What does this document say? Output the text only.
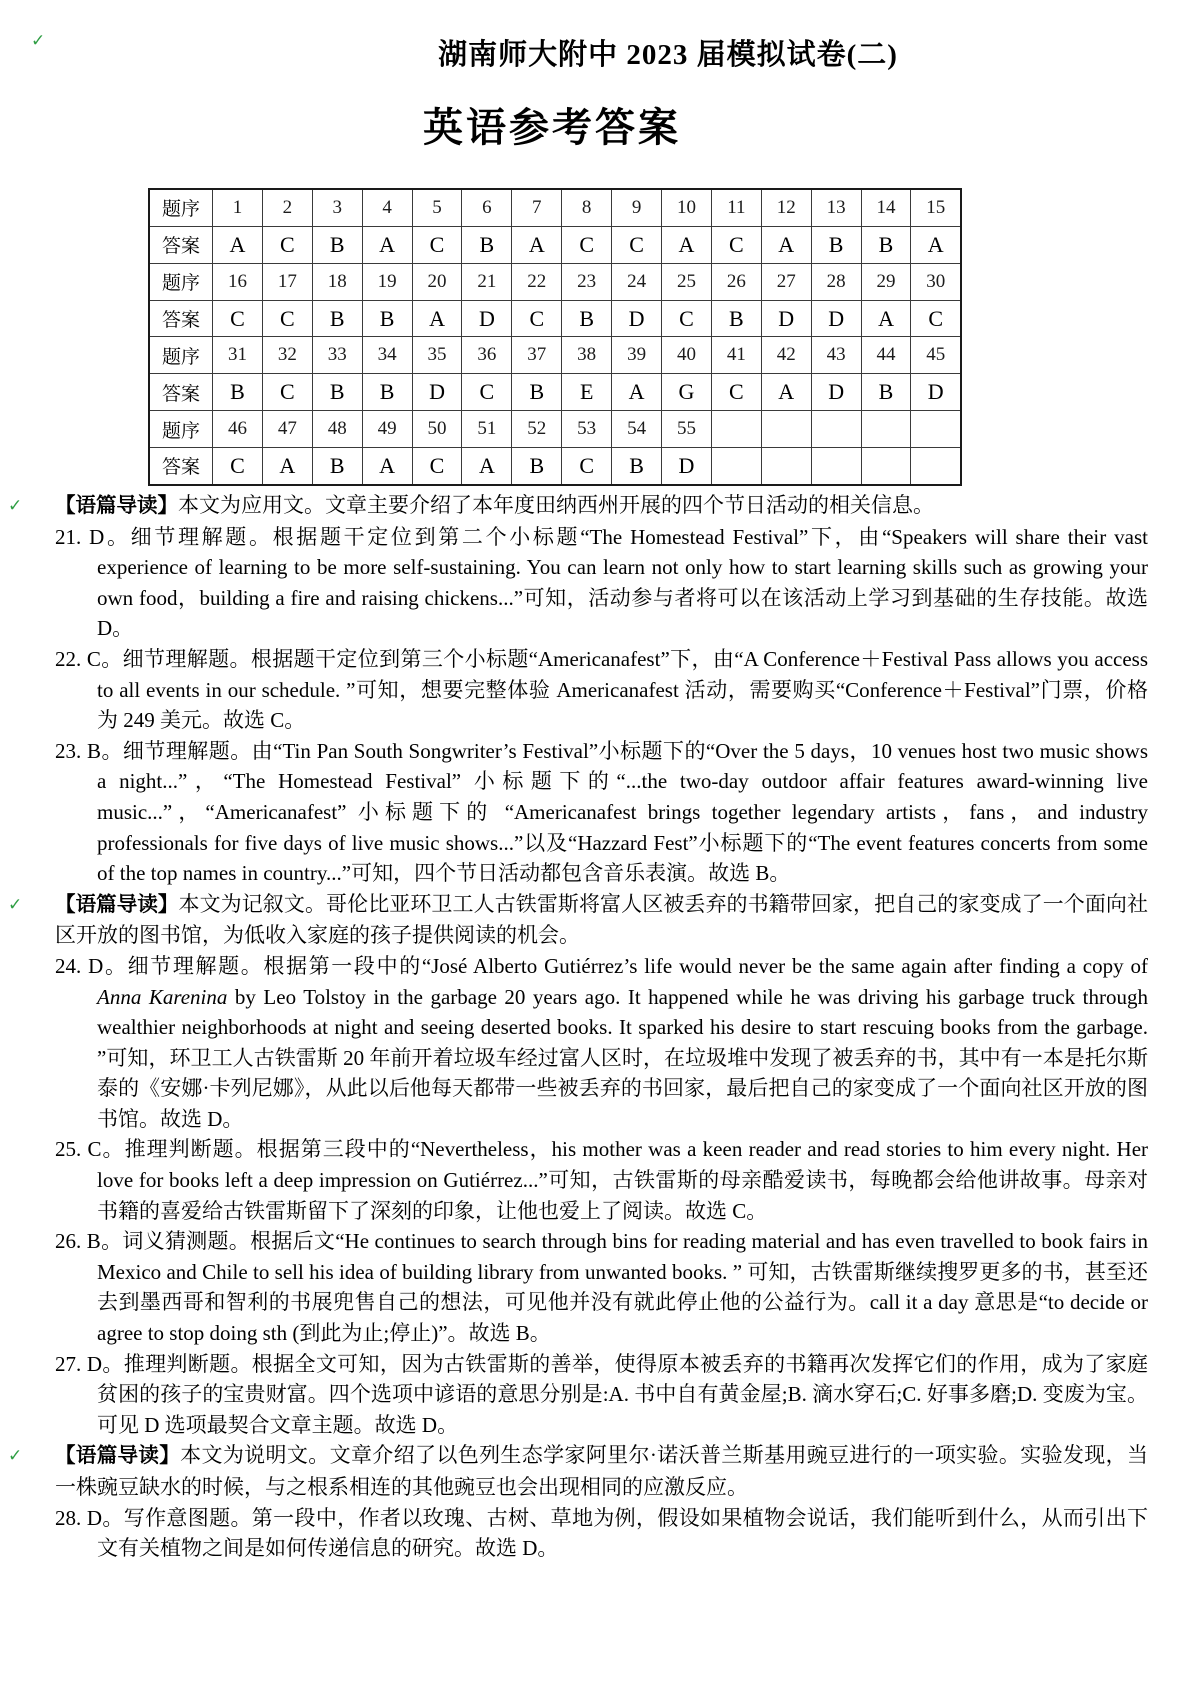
✓	湖南师大附中 2023 届模拟试卷(二)
英语参考答案
题序	1	2	3	4	5	6	7	8	9	10	11	12	13	14	15
答案	A	C	B	A	C	B	A	C	C	A	C	A	B	B	A
题序	16	17	18	19	20	21	22	23	24	25	26	27	28	29	30
答案	C	C	B	B	A	D	C	B	D	C	B	D	D	A	C
题序	31	32	33	34	35	36	37	38	39	40	41	42	43	44	45
答案	B	C	B	B	D	C	B	E	A	G	C	A	D	B	D
题序	46	47	48	49	50	51	52	53	54	55					
答案	C	A	B	A	C	A	B	C	B	D					
✓ 【语篇导读】本文为应用文。文章主要介绍了本年度田纳西州开展的四个节日活动的相关信息。
21. D。细节理解题。根据题干定位到第二个小标题“The Homestead Festival”下，由“Speakers will share their vast experience of learning to be more self-sustaining. You can learn not only how to start learning skills such as growing your own food，building a fire and raising chickens...”可知，活动参与者将可以在该活动上学习到基础的生存技能。故选 D。
22. C。细节理解题。根据题干定位到第三个小标题“Americanafest”下，由“A Conference＋Festival Pass allows you access to all events in our schedule. ”可知，想要完整体验 Americanafest 活动，需要购买“Conference＋Festival”门票，价格为 249 美元。故选 C。
23. B。细节理解题。由“Tin Pan South Songwriter’s Festival”小标题下的“Over the 5 days，10 venues host two music shows a night...”，“The Homestead Festival” 小标题下的“...the two-day outdoor affair features award-winning live music...”，“Americanafest” 小标题下的 “Americanafest brings together legendary artists，fans，and industry professionals for five days of live music shows...”以及“Hazzard Fest”小标题下的“The event features concerts from some of the top names in country...”可知，四个节日活动都包含音乐表演。故选 B。
✓ 【语篇导读】本文为记叙文。哥伦比亚环卫工人古铁雷斯将富人区被丢弃的书籍带回家，把自己的家变成了一个面向社区开放的图书馆，为低收入家庭的孩子提供阅读的机会。
24. D。细节理解题。根据第一段中的“José Alberto Gutiérrez’s life would never be the same again after finding a copy of Anna Karenina by Leo Tolstoy in the garbage 20 years ago. It happened while he was driving his garbage truck through wealthier neighborhoods at night and seeing deserted books. It sparked his desire to start rescuing books from the garbage. ”可知，环卫工人古铁雷斯 20 年前开着垃圾车经过富人区时，在垃圾堆中发现了被丢弃的书，其中有一本是托尔斯泰的《安娜·卡列尼娜》，从此以后他每天都带一些被丢弃的书回家，最后把自己的家变成了一个面向社区开放的图书馆。故选 D。
25. C。推理判断题。根据第三段中的“Nevertheless，his mother was a keen reader and read stories to him every night. Her love for books left a deep impression on Gutiérrez...”可知，古铁雷斯的母亲酷爱读书，每晚都会给他讲故事。母亲对书籍的喜爱给古铁雷斯留下了深刻的印象，让他也爱上了阅读。故选 C。
26. B。词义猜测题。根据后文“He continues to search through bins for reading material and has even travelled to book fairs in Mexico and Chile to sell his idea of building library from unwanted books. ” 可知，古铁雷斯继续搜罗更多的书，甚至还去到墨西哥和智利的书展兜售自己的想法，可见他并没有就此停止他的公益行为。call it a day 意思是“to decide or agree to stop doing sth (到此为止;停止)”。故选 B。
27. D。推理判断题。根据全文可知，因为古铁雷斯的善举，使得原本被丢弃的书籍再次发挥它们的作用，成为了家庭贫困的孩子的宝贵财富。四个选项中谚语的意思分别是:A. 书中自有黄金屋;B. 滴水穿石;C. 好事多磨;D. 变废为宝。可见 D 选项最契合文章主题。故选 D。
✓ 【语篇导读】本文为说明文。文章介绍了以色列生态学家阿里尔·诺沃普兰斯基用豌豆进行的一项实验。实验发现，当一株豌豆缺水的时候，与之根系相连的其他豌豆也会出现相同的应激反应。
28. D。写作意图题。第一段中，作者以玫瑰、古树、草地为例，假设如果植物会说话，我们能听到什么，从而引出下文有关植物之间是如何传递信息的研究。故选 D。
